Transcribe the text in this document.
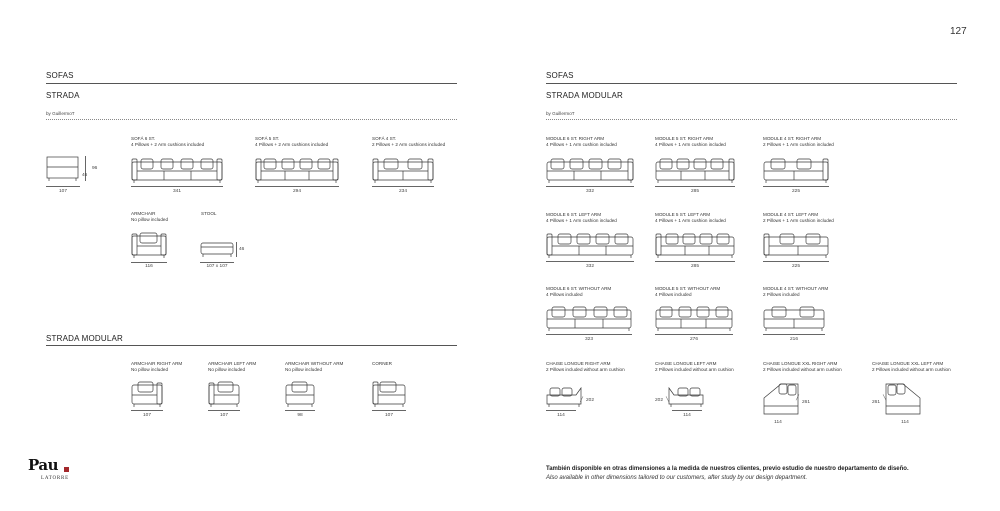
127
SOFAS
STRADA
by GuillermoT
96
46
107
SOFÁ 6 ST.
4 Pillows + 2 Arm cushions included
341
SOFÁ 5 ST.
4 Pillows + 2 Arm cushions included
294
SOFÁ 4 ST.
2 Pillows + 2 Arm cushions included
234
ARMCHAIR
No pillow included
116
STOOL
46
107 x 107
STRADA MODULAR
ARMCHAIR RIGHT ARM
No pillow included
107
ARMCHAIR LEFT ARM
No pillow included
107
ARMCHAIR WITHOUT ARM
No pillow included
98
CORNER
107
SOFAS
STRADA MODULAR
by GuillermoT
MODULE 6 ST. RIGHT ARM
4 Pillows + 1 Arm cushion included
332
MODULE 5 ST. RIGHT ARM
4 Pillows + 1 Arm cushion included
285
MODULE 4 ST. RIGHT ARM
2 Pillows + 1 Arm cushion included
225
MODULE 6 ST. LEFT ARM
4 Pillows + 1 Arm cushion included
332
MODULE 5 ST. LEFT ARM
4 Pillows + 1 Arm cushion included
285
MODULE 4 ST. LEFT ARM
2 Pillows + 1 Arm cushion included
225
MODULE 6 ST. WITHOUT ARM
4 Pillows included
323
MODULE 5 ST. WITHOUT ARM
4 Pillows included
276
MODULE 4 ST. WITHOUT ARM
2 Pillows included
216
CHAISE LONGUE RIGHT ARM
2 Pillows included without arm cushion
╱ 202
114
CHAISE LONGUE LEFT ARM
2 Pillows included without arm cushion
202 ╲
114
CHAISE LONGUE XXL RIGHT ARM
2 Pillows included without arm cushion
╱
261
114
CHAISE LONGUE XXL LEFT ARM
2 Pillows included without arm cushion
261
╲
114
Pau
LATORRE
También disponible en otras dimensiones a la medida de nuestros clientes, previo estudio de nuestro departamento de diseño.
Also available in other dimensions tailored to our customers, after study by our design department.
